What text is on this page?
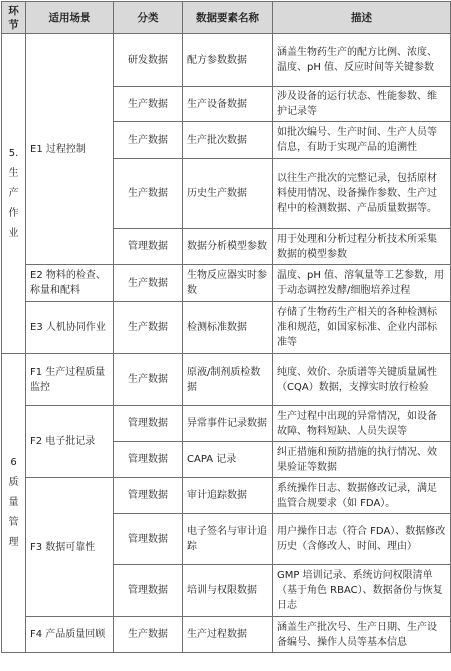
环节	适用场景	分类	数据要素名称	描述
5.生产作业	E1 过程控制	研发数据	配方参数数据	涵盖生物药生产的配方比例、浓度、温度、pH 值、反应时间等关键参数
		生产数据	生产设备数据	涉及设备的运行状态、性能参数、维护记录等
		生产数据	生产批次数据	如批次编号、生产时间、生产人员等信息，有助于实现产品的追溯性
		生产数据	历史生产数据	以往生产批次的完整记录，包括原材料使用情况、设备操作参数、生产过程中的检测数据、产品质量数据等。
		管理数据	数据分析模型参数	用于处理和分析过程分析技术所采集数据的模型参数
	E2 物料的检查、称量和配料	生产数据	生物反应器实时参数	温度、pH 值、溶氧量等工艺参数，用于动态调控发酵/细胞培养过程
	E3 人机协同作业	生产数据	检测标准数据	存储了生物药生产相关的各种检测标准和规范，如国家标准、企业内部标准等
6质量管理	F1 生产过程质量监控	生产数据	原液/制剂质检数据	纯度、效价、杂质谱等关键质量属性（CQA）数据，支撑实时放行检验
	F2 电子批记录	管理数据	异常事件记录数据	生产过程中出现的异常情况，如设备故障、物料短缺、人员失误等
		管理数据	CAPA 记录	纠正措施和预防措施的执行情况、效果验证等数据
	F3 数据可靠性	管理数据	审计追踪数据	系统操作日志、数据修改记录，满足监管合规要求（如 FDA）。
		管理数据	电子签名与审计追踪	用户操作日志（符合 FDA）、数据修改历史（含修改人、时间、理由）
		管理数据	培训与权限数据	GMP 培训记录、系统访问权限清单（基于角色 RBAC）、数据备份与恢复日志
	F4 产品质量回顾	生产数据	生产过程数据	涵盖生产批次号、生产日期、生产设备编号、操作人员等基本信息
